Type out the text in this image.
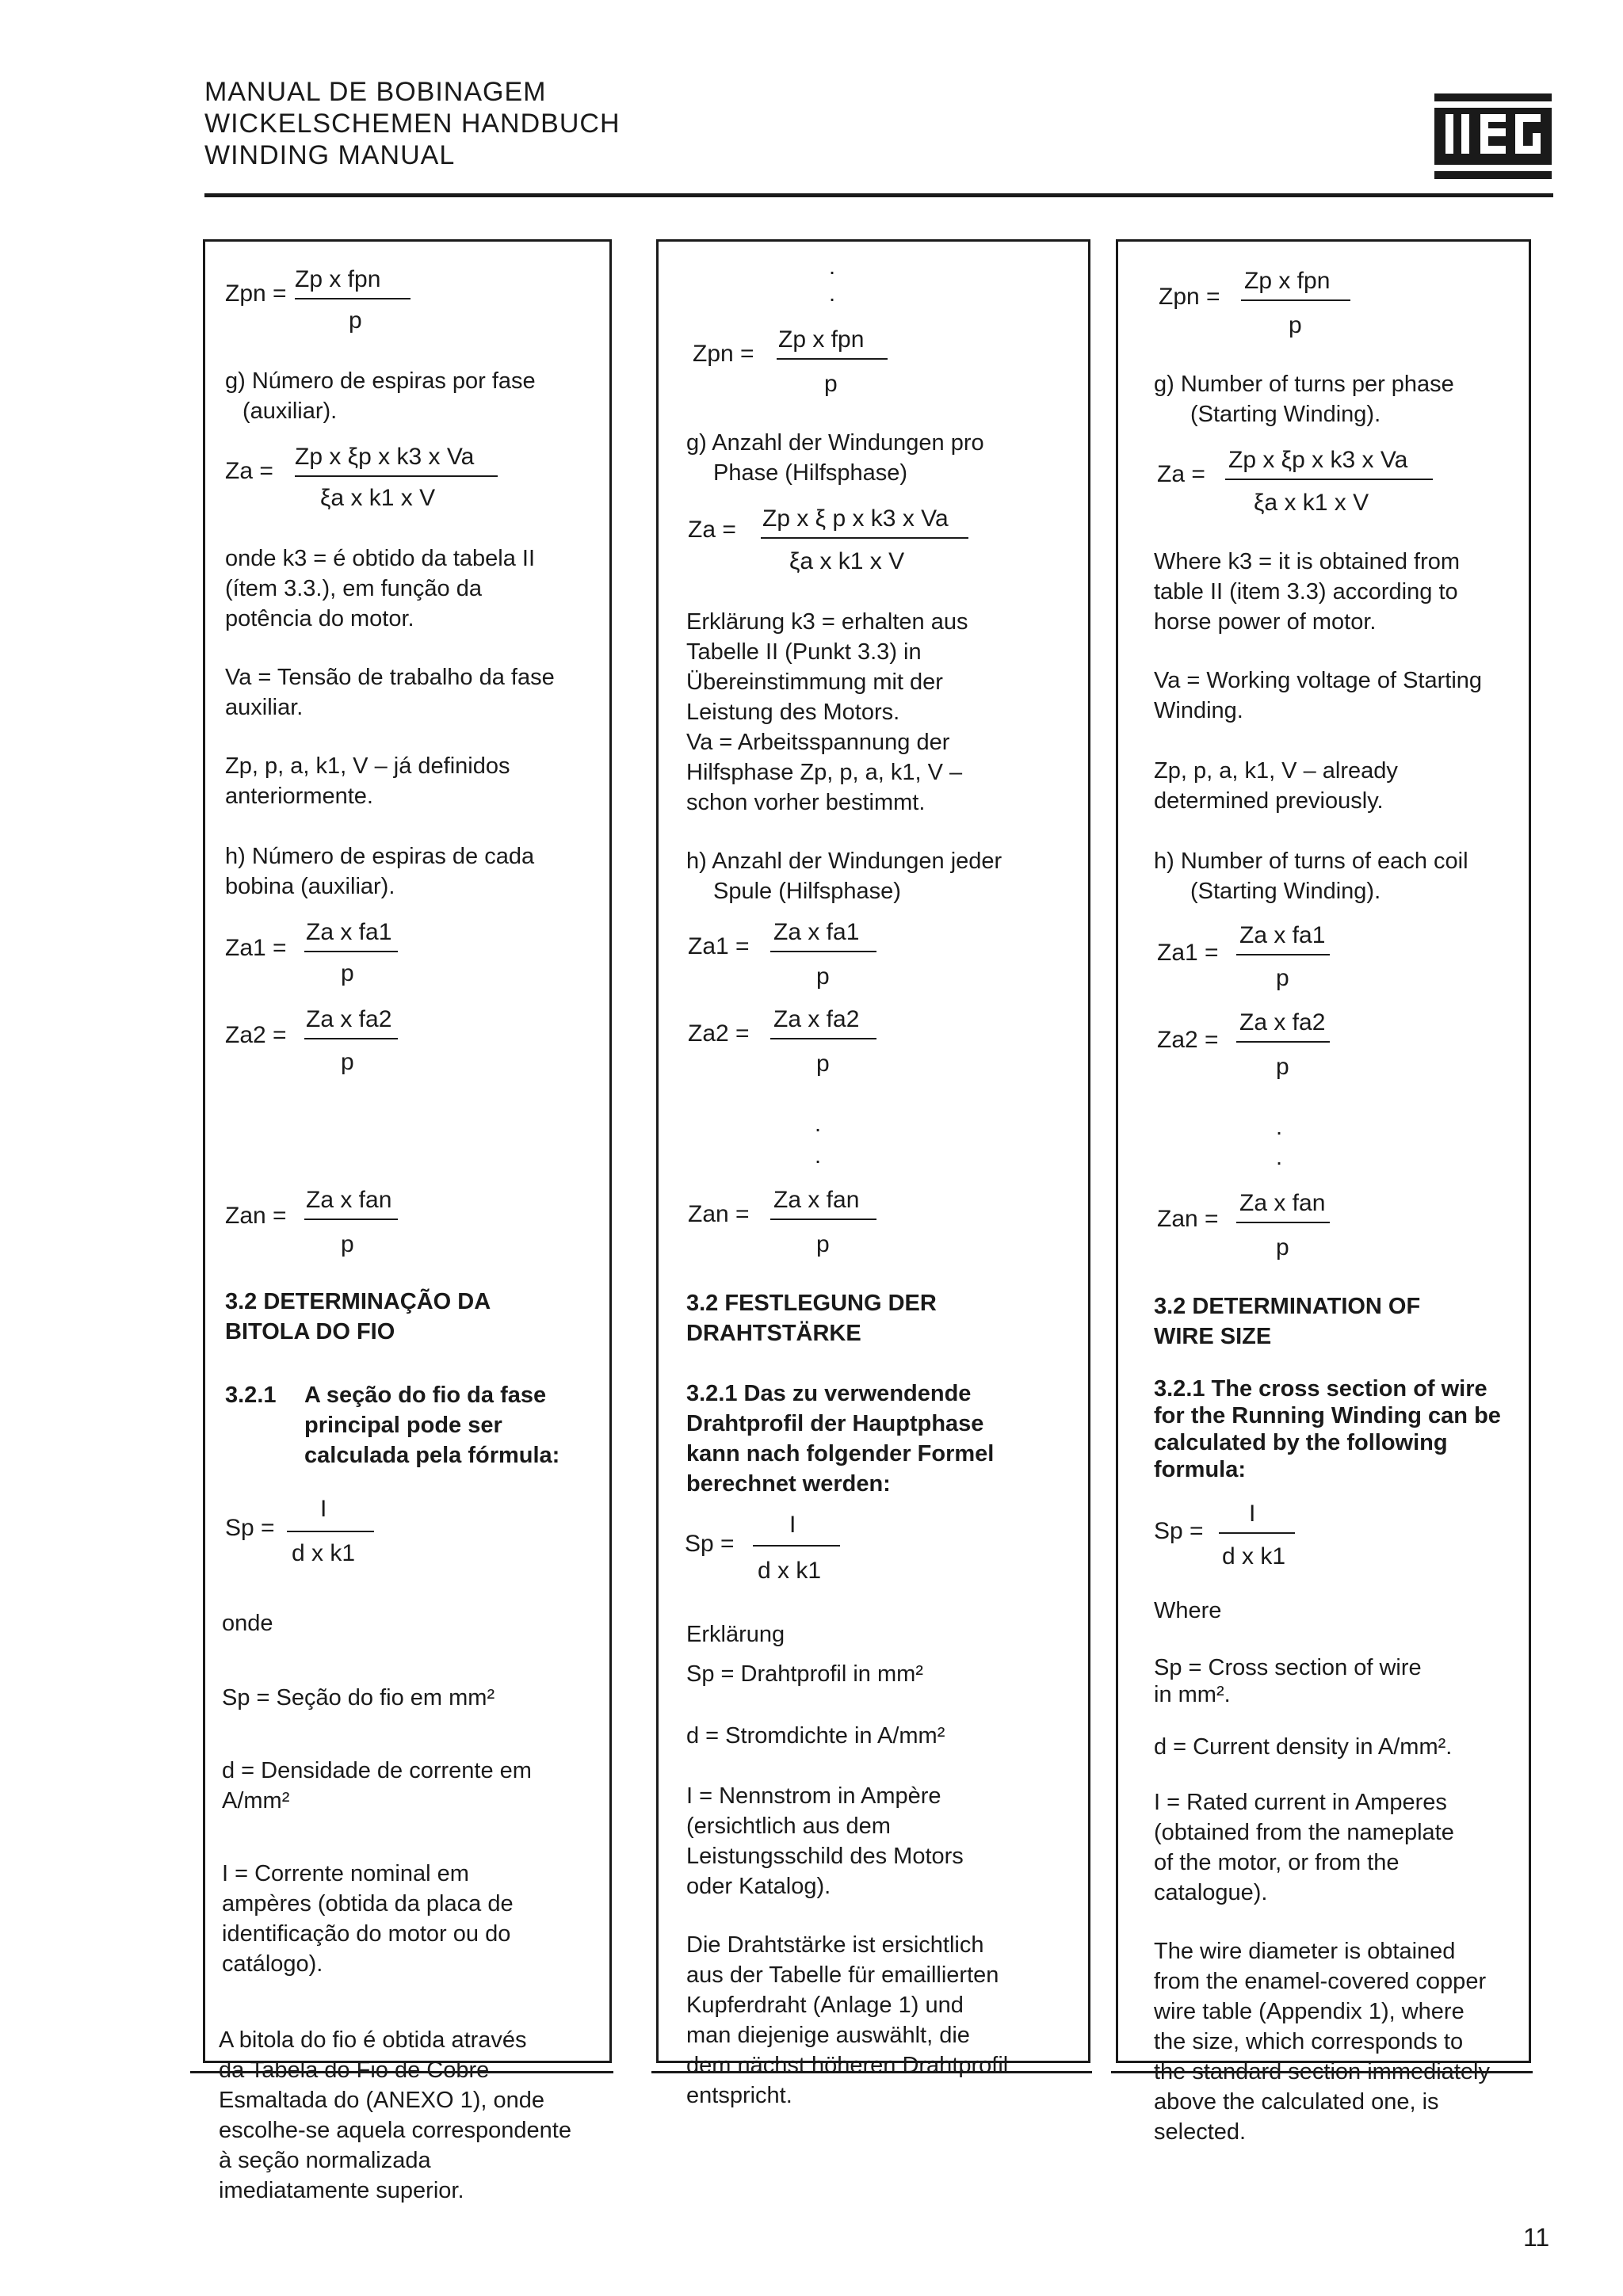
MANUAL DE BOBINAGEM
WICKELSCHEMEN HANDBUCH
WINDING MANUAL
Zpn =
Zp x fpn
p
g) Número de espiras por fase
(auxiliar).
Za =
Zp x ξp x k3 x Va
ξa x k1 x V
onde k3 = é obtido da tabela II
(ítem 3.3.), em função da
potência do motor.
Va = Tensão de trabalho da fase
auxiliar.
Zp, p, a, k1, V – já definidos
anteriormente.
h) Número de espiras de cada
bobina (auxiliar).
Za1 =
Za x fa1
p
Za2 =
Za x fa2
p
Zan =
Za x fan
p
3.2 DETERMINAÇÃO DA
BITOLA DO FIO
3.2.1 A seção do fio da fase
principal pode ser
calculada pela fórmula:
Sp =
I
d x k1
onde
Sp = Seção do fio em mm²
d = Densidade de corrente em
A/mm²
I = Corrente nominal em
ampères (obtida da placa de
identificação do motor ou do
catálogo).
A bitola do fio é obtida através
da Tabela do Fio de Cobre
Esmaltada do (ANEXO 1), onde
escolhe-se aquela correspondente
à seção normalizada
imediatamente superior.
.
.
Zpn =
Zp x fpn
p
g) Anzahl der Windungen pro
Phase (Hilfsphase)
Za = Zp x ξ p x k3 x Va
ξa x k1 x V
Erklärung k3 = erhalten aus
Tabelle II (Punkt 3.3) in
Übereinstimmung mit der
Leistung des Motors.
Va = Arbeitsspannung der
Hilfsphase Zp, p, a, k1, V –
schon vorher bestimmt.
h) Anzahl der Windungen jeder
Spule (Hilfsphase)
Za1 =
Za x fa1
p
Za2 =
Za x fa2
p
.
.
Zan =
Za x fan
p
3.2 FESTLEGUNG DER
DRAHTSTÄRKE
3.2.1 Das zu verwendende
Drahtprofil der Hauptphase
kann nach folgender Formel
berechnet werden:
Sp =
I
d x k1
Erklärung
Sp = Drahtprofil in mm²
d = Stromdichte in A/mm²
I = Nennstrom in Ampère
(ersichtlich aus dem
Leistungsschild des Motors
oder Katalog).
Die Drahtstärke ist ersichtlich
aus der Tabelle für emaillierten
Kupferdraht (Anlage 1) und
man diejenige auswählt, die
dem nächst höheren Drahtprofil
entspricht.
Zpn =
Zp x fpn
p
g) Number of turns per phase
(Starting Winding).
Za =
Zp x ξp x k3 x Va
ξa x k1 x V
Where k3 = it is obtained from
table II (item 3.3) according to
horse power of motor.
Va = Working voltage of Starting
Winding.
Zp, p, a, k1, V – already
determined previously.
h) Number of turns of each coil
(Starting Winding).
Za1 =
Za x fa1
p
Za2 =
Za x fa2
p
.
.
Zan =
Za x fan
p
3.2 DETERMINATION OF
WIRE SIZE
3.2.1 The cross section of wire
for the Running Winding can be
calculated by the following
formula:
Sp =
I
d x k1
Where
Sp = Cross section of wire
in mm².
d = Current density in A/mm².
I = Rated current in Amperes
(obtained from the nameplate
of the motor, or from the
catalogue).
The wire diameter is obtained
from the enamel-covered copper
wire table (Appendix 1), where
the size, which corresponds to
the standard section immediately
above the calculated one, is
selected.
11
